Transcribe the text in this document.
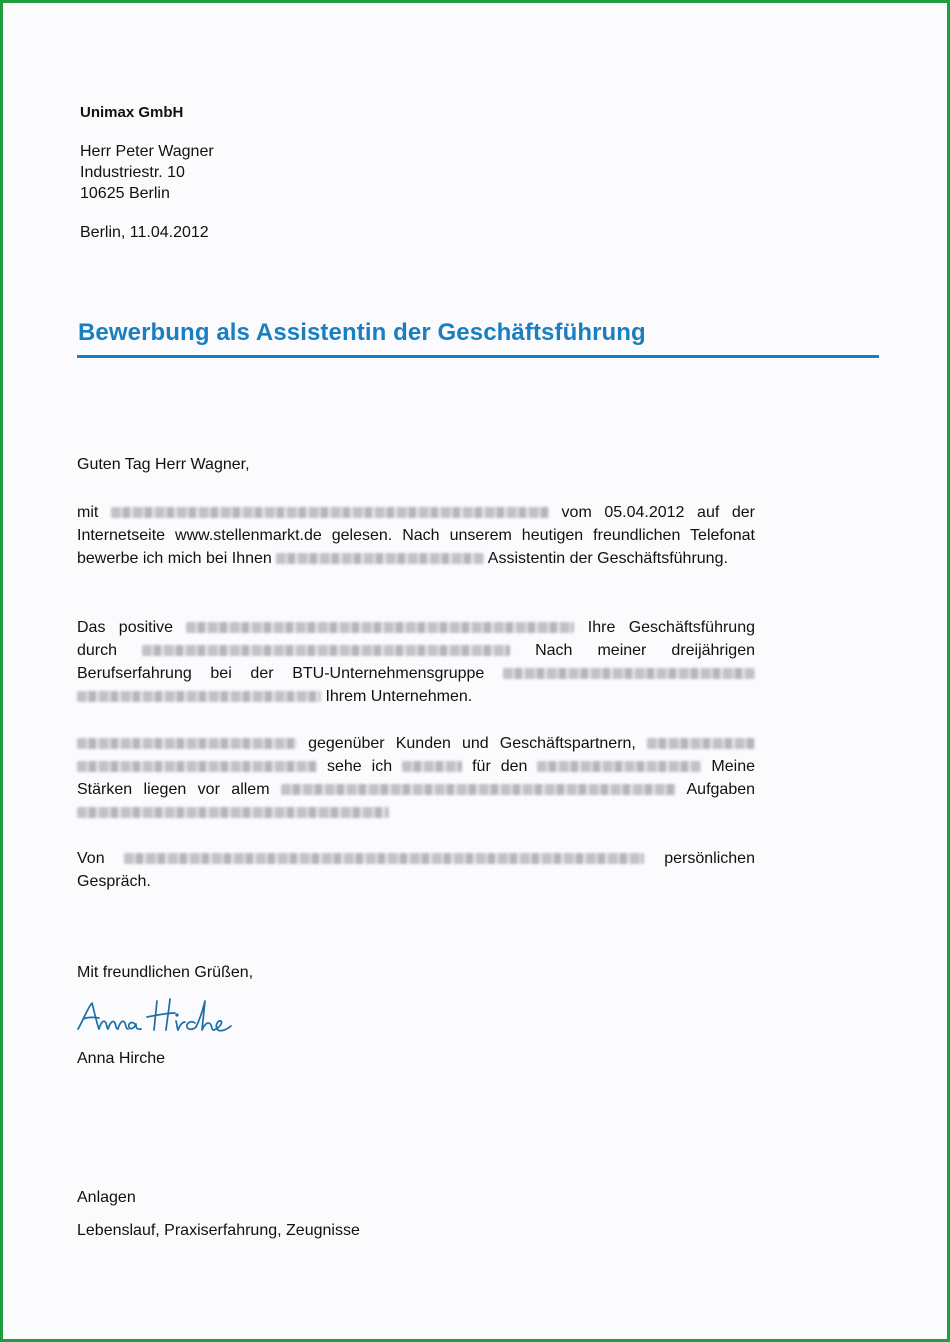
Unimax GmbH
Herr Peter Wagner
Industriestr. 10
10625 Berlin
Berlin, 11.04.2012
Bewerbung als Assistentin der Geschäftsführung
Guten Tag Herr Wagner,

mit	vom 05.04.2012 auf der Internetseite www.stellenmarkt.de gelesen. Nach unserem heutigen freundlichen Telefonat bewerbe ich mich bei Ihnen	Assistentin der Geschäftsführung.

Das positive	Ihre Geschäftsführung durch	Nach meiner dreijährigen Berufserfahrung bei der BTU-Unternehmensgruppe   Ihrem Unternehmen.

gegenüber Kunden und Geschäftspartnern,   sehe ich	für den	Meine Stärken liegen vor allem	Aufgaben

Von	persönlichen Gespräch.

Mit freundlichen Grüßen,
Anna Hirche
Anlagen
Lebenslauf, Praxiserfahrung, Zeugnisse
